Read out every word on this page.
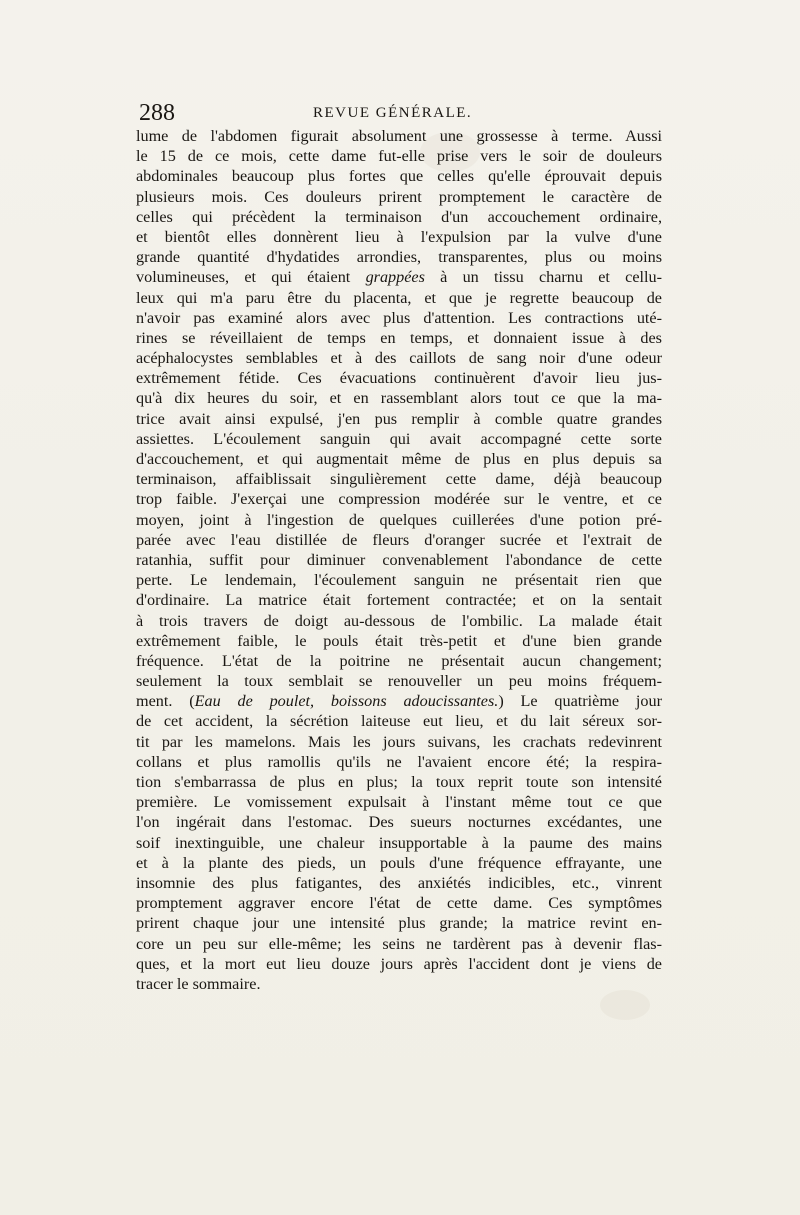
288	REVUE GÉNÉRALE.
lume de l'abdomen figurait absolument une grossesse à terme. Aussi
le 15 de ce mois, cette dame fut-elle prise vers le soir de douleurs
abdominales beaucoup plus fortes que celles qu'elle éprouvait depuis
plusieurs mois. Ces douleurs prirent promptement le caractère de
celles qui précèdent la terminaison d'un accouchement ordinaire,
et bientôt elles donnèrent lieu à l'expulsion par la vulve d'une
grande quantité d'hydatides arrondies, transparentes, plus ou moins
volumineuses, et qui étaient grappées à un tissu charnu et cellu-
leux qui m'a paru être du placenta, et que je regrette beaucoup de
n'avoir pas examiné alors avec plus d'attention. Les contractions uté-
rines se réveillaient de temps en temps, et donnaient issue à des
acéphalocystes semblables et à des caillots de sang noir d'une odeur
extrêmement fétide. Ces évacuations continuèrent d'avoir lieu jus-
qu'à dix heures du soir, et en rassemblant alors tout ce que la ma-
trice avait ainsi expulsé, j'en pus remplir à comble quatre grandes
assiettes. L'écoulement sanguin qui avait accompagné cette sorte
d'accouchement, et qui augmentait même de plus en plus depuis sa
terminaison, affaiblissait singulièrement cette dame, déjà beaucoup
trop faible. J'exerçai une compression modérée sur le ventre, et ce
moyen, joint à l'ingestion de quelques cuillerées d'une potion pré-
parée avec l'eau distillée de fleurs d'oranger sucrée et l'extrait de
ratanhia, suffit pour diminuer convenablement l'abondance de cette
perte. Le lendemain, l'écoulement sanguin ne présentait rien que
d'ordinaire. La matrice était fortement contractée; et on la sentait
à trois travers de doigt au-dessous de l'ombilic. La malade était
extrêmement faible, le pouls était très-petit et d'une bien grande
fréquence. L'état de la poitrine ne présentait aucun changement;
seulement la toux semblait se renouveller un peu moins fréquem-
ment. (Eau de poulet, boissons adoucissantes.) Le quatrième jour
de cet accident, la sécrétion laiteuse eut lieu, et du lait séreux sor-
tit par les mamelons. Mais les jours suivans, les crachats redevinrent
collans et plus ramollis qu'ils ne l'avaient encore été; la respira-
tion s'embarrassa de plus en plus; la toux reprit toute son intensité
première. Le vomissement expulsait à l'instant même tout ce que
l'on ingérait dans l'estomac. Des sueurs nocturnes excédantes, une
soif inextinguible, une chaleur insupportable à la paume des mains
et à la plante des pieds, un pouls d'une fréquence effrayante, une
insomnie des plus fatigantes, des anxiétés indicibles, etc., vinrent
promptement aggraver encore l'état de cette dame. Ces symptômes
prirent chaque jour une intensité plus grande; la matrice revint en-
core un peu sur elle-même; les seins ne tardèrent pas à devenir flas-
ques, et la mort eut lieu douze jours après l'accident dont je viens de
tracer le sommaire.
